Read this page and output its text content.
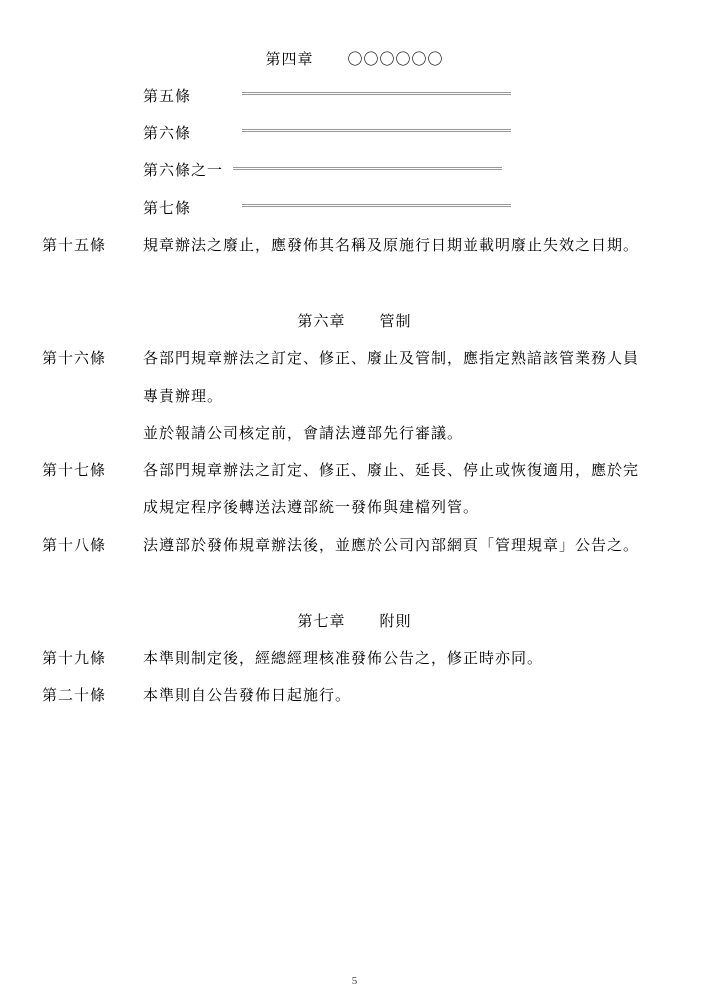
第四章 〇〇〇〇〇〇
第五條
第六條
第六條之一
第七條
第十五條 規章辦法之廢止，應發佈其名稱及原施行日期並載明廢止失效之日期。
第六章 管制
第十六條 各部門規章辦法之訂定、修正、廢止及管制，應指定熟諳該管業務人員
專責辦理。
並於報請公司核定前，會請法遵部先行審議。
第十七條 各部門規章辦法之訂定、修正、廢止、延長、停止或恢復適用，應於完
成規定程序後轉送法遵部統一發佈與建檔列管。
第十八條 法遵部於發佈規章辦法後，並應於公司內部網頁「管理規章」公告之。
第七章 附則
第十九條 本準則制定後，經總經理核准發佈公告之，修正時亦同。
第二十條 本準則自公告發佈日起施行。
5
